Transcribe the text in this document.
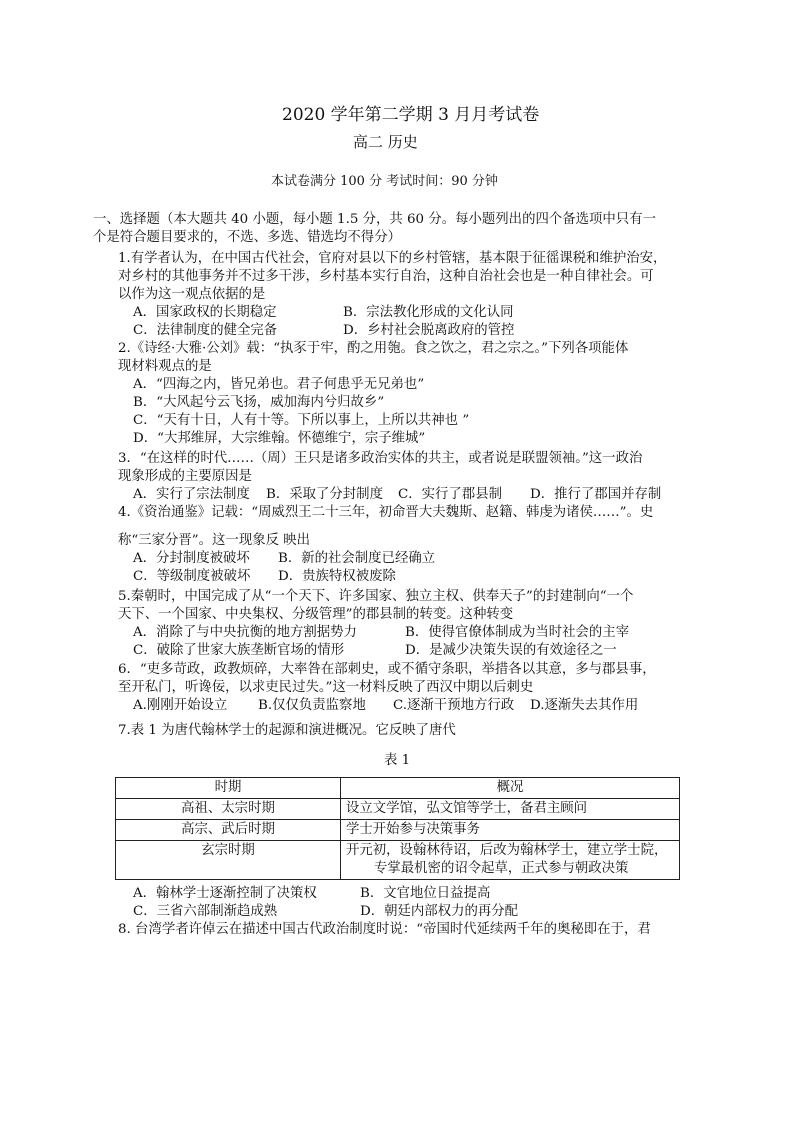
2020 学年第二学期 3 月月考试卷
高二 历史
本试卷满分 100 分 考试时间：90 分钟
一、选择题（本大题共 40 小题，每小题 1.5 分，共 60 分。每小题列出的四个备选项中只有一
个是符合题目要求的，不选、多选、错选均不得分）
1.有学者认为，在中国古代社会，官府对县以下的乡村管辖，基本限于征徭课税和维护治安，
对乡村的其他事务并不过多干涉，乡村基本实行自治，这种自治社会也是一种自律社会。可
以作为这一观点依据的是
A．国家政权的长期稳定	B．宗法教化形成的文化认同
C．法律制度的健全完备	D．乡村社会脱离政府的管控
2.《诗经·大雅·公刘》载：“执豕于牢，酌之用匏。食之饮之，君之宗之。”下列各项能体
现材料观点的是
A．“四海之内，皆兄弟也。君子何患乎无兄弟也”
B．“大风起兮云飞扬，威加海内兮归故乡”
C．“天有十日，人有十等。下所以事上，上所以共神也 ”
D．“大邦维屏，大宗维翰。怀德维宁，宗子维城”
3．“在这样的时代……（周）王只是诸多政治实体的共主，或者说是联盟领袖。”这一政治
现象形成的主要原因是
A．实行了宗法制度 B．采取了分封制度 C．实行了郡县制 D．推行了郡国并存制
4.《资治通鉴》记载：“周威烈王二十三年，初命晋大夫魏斯、赵籍、韩虔为诸侯……”。史
称“三家分晋”。这一现象反 映出
A．分封制度被破坏 B．新的社会制度已经确立
C．等级制度被破坏 D．贵族特权被废除
5.秦朝时，中国完成了从“一个天下、许多国家、独立主权、供奉天子”的封建制向“一个
天下、一个国家、中央集权、分级管理”的郡县制的转变。这种转变
A．消除了与中央抗衡的地方割据势力	B．使得官僚体制成为当时社会的主宰
C．破除了世家大族垄断官场的情形	D．是减少决策失误的有效途径之一
6．“吏多苛政，政教烦碎，大率咎在部刺史，或不循守条职，举措各以其意，多与郡县事，
至开私门，听谗佞，以求吏民过失。”这一材料反映了西汉中期以后刺史
A.刚刚开始设立 B.仅仅负责监察地 C.逐渐干预地方行政 D.逐渐失去其作用
7.表 1 为唐代翰林学士的起源和演进概况。它反映了唐代
表 1
时期	概况
高祖、太宗时期	设立文学馆，弘文馆等学士，备君主顾问
高宗、武后时期	学士开始参与决策事务
玄宗时期	开元初，设翰林待诏，后改为翰林学士，建立学士院，
专掌最机密的诏令起草，正式参与朝政决策
A．翰林学士逐渐控制了决策权	B．文官地位日益提高
C．三省六部制渐趋成熟	D．朝廷内部权力的再分配
8. 台湾学者许倬云在描述中国古代政治制度时说：“帝国时代延续两千年的奥秘即在于，君
